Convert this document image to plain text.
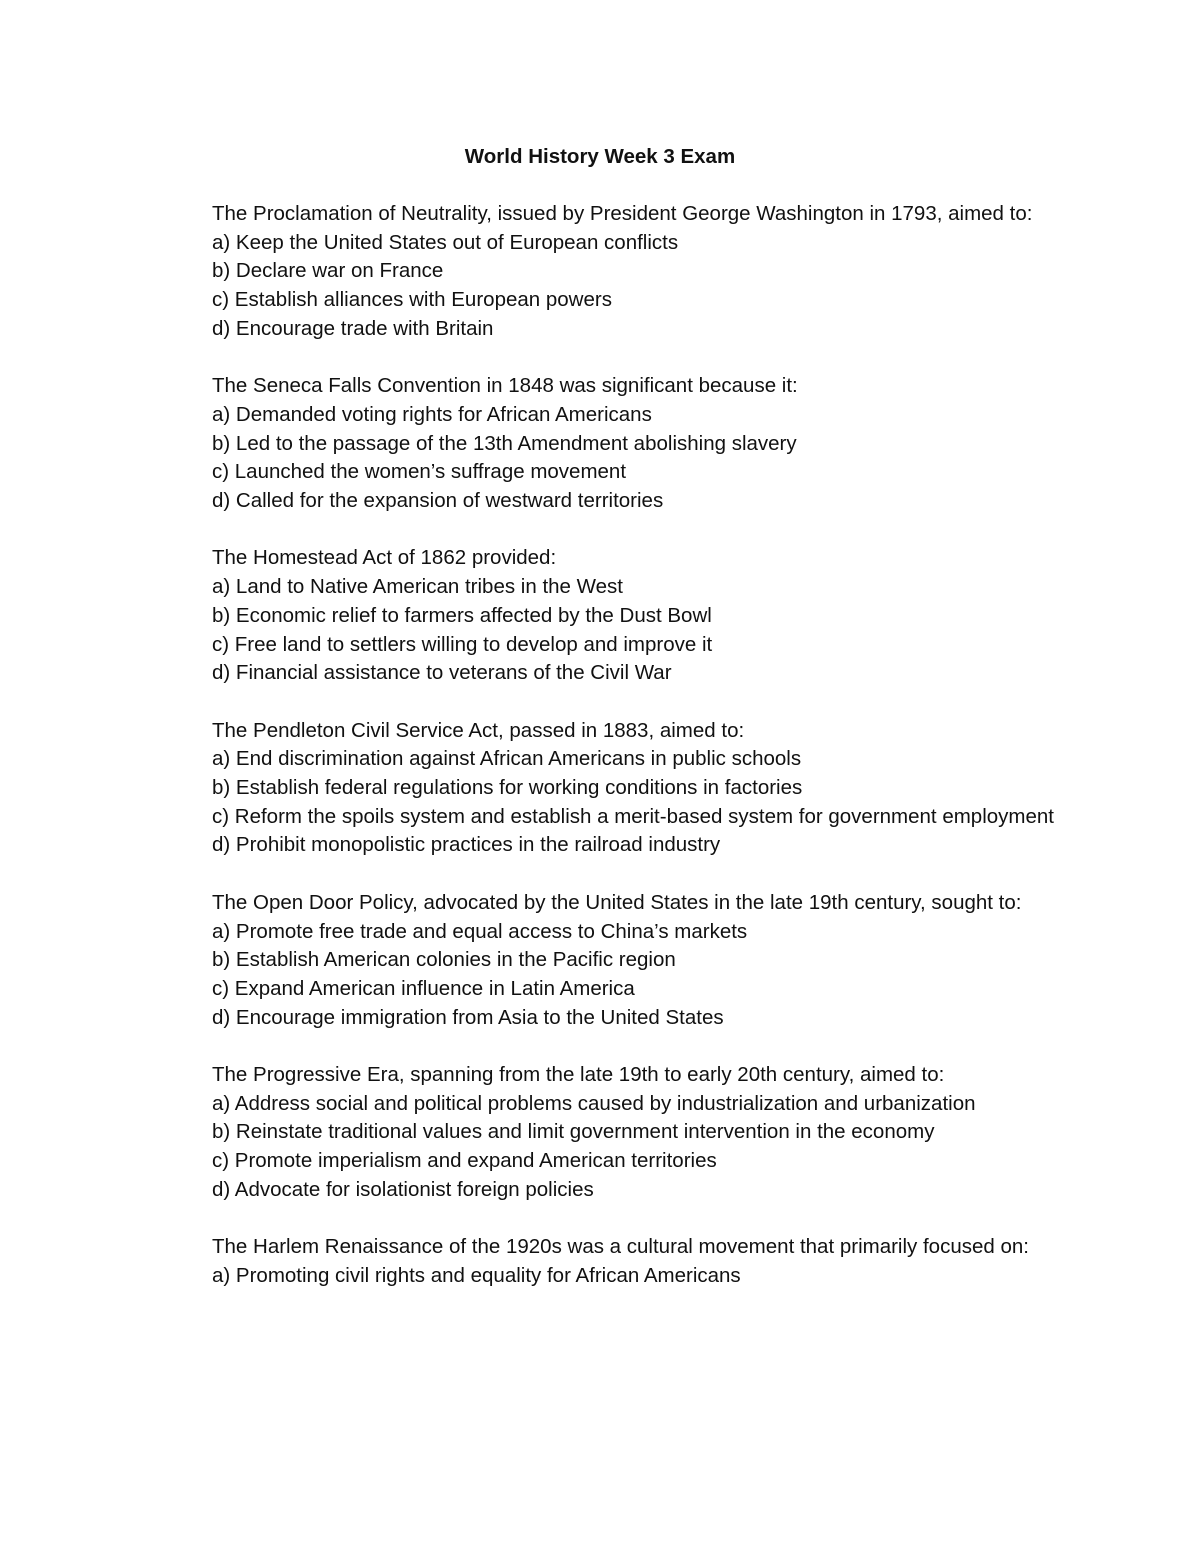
World History Week 3 Exam
The Proclamation of Neutrality, issued by President George Washington in 1793, aimed to:
a) Keep the United States out of European conflicts
b) Declare war on France
c) Establish alliances with European powers
d) Encourage trade with Britain
The Seneca Falls Convention in 1848 was significant because it:
a) Demanded voting rights for African Americans
b) Led to the passage of the 13th Amendment abolishing slavery
c) Launched the women’s suffrage movement
d) Called for the expansion of westward territories
The Homestead Act of 1862 provided:
a) Land to Native American tribes in the West
b) Economic relief to farmers affected by the Dust Bowl
c) Free land to settlers willing to develop and improve it
d) Financial assistance to veterans of the Civil War
The Pendleton Civil Service Act, passed in 1883, aimed to:
a) End discrimination against African Americans in public schools
b) Establish federal regulations for working conditions in factories
c) Reform the spoils system and establish a merit-based system for government employment
d) Prohibit monopolistic practices in the railroad industry
The Open Door Policy, advocated by the United States in the late 19th century, sought to:
a) Promote free trade and equal access to China’s markets
b) Establish American colonies in the Pacific region
c) Expand American influence in Latin America
d) Encourage immigration from Asia to the United States
The Progressive Era, spanning from the late 19th to early 20th century, aimed to:
a) Address social and political problems caused by industrialization and urbanization
b) Reinstate traditional values and limit government intervention in the economy
c) Promote imperialism and expand American territories
d) Advocate for isolationist foreign policies
The Harlem Renaissance of the 1920s was a cultural movement that primarily focused on:
a) Promoting civil rights and equality for African Americans
